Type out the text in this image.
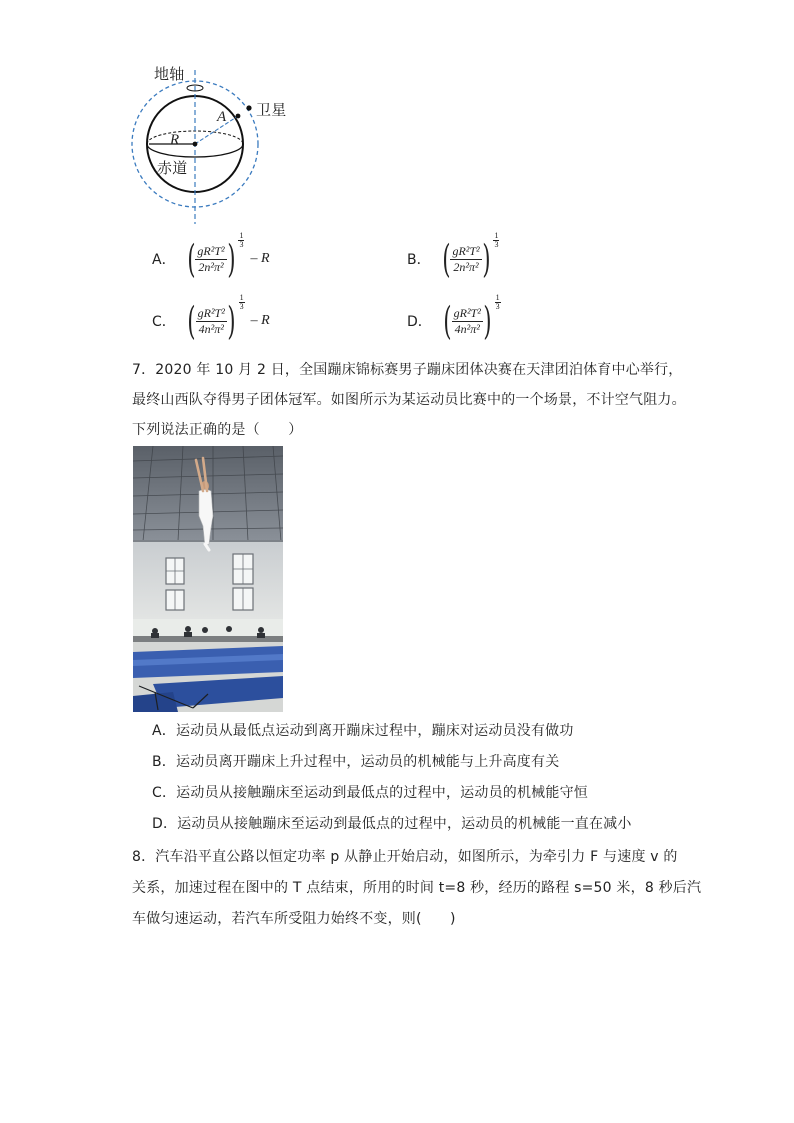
地轴
卫星
A
R
赤道
A． ( $\frac{\text{gR²T²}}{\text{2n²π²}}$ )
1
3
– R	B． ( $\frac{\text{gR²T²}}{\text{2n²π²}}$ )
1
3
C． ( $\frac{\text{gR²T²}}{\text{4n²π²}}$ )
1
3
– R	D． ( $\frac{\text{gR²T²}}{\text{4n²π²}}$ )
1
3
7．2020 年 10 月 2 日，全国蹦床锦标赛男子蹦床团体决赛在天津团泊体育中心举行，
最终山西队夺得男子团体冠军。如图所示为某运动员比赛中的一个场景，不计空气阻力。
下列说法正确的是（　　）
A．运动员从最低点运动到离开蹦床过程中，蹦床对运动员没有做功
B．运动员离开蹦床上升过程中，运动员的机械能与上升高度有关
C．运动员从接触蹦床至运动到最低点的过程中，运动员的机械能守恒
D．运动员从接触蹦床至运动到最低点的过程中，运动员的机械能一直在减小
8．汽车沿平直公路以恒定功率 p 从静止开始启动，如图所示，为牵引力 F 与速度 v 的
关系，加速过程在图中的 T 点结束，所用的时间 t=8 秒，经历的路程 s=50 米，8 秒后汽
车做匀速运动，若汽车所受阻力始终不变，则(　　)
